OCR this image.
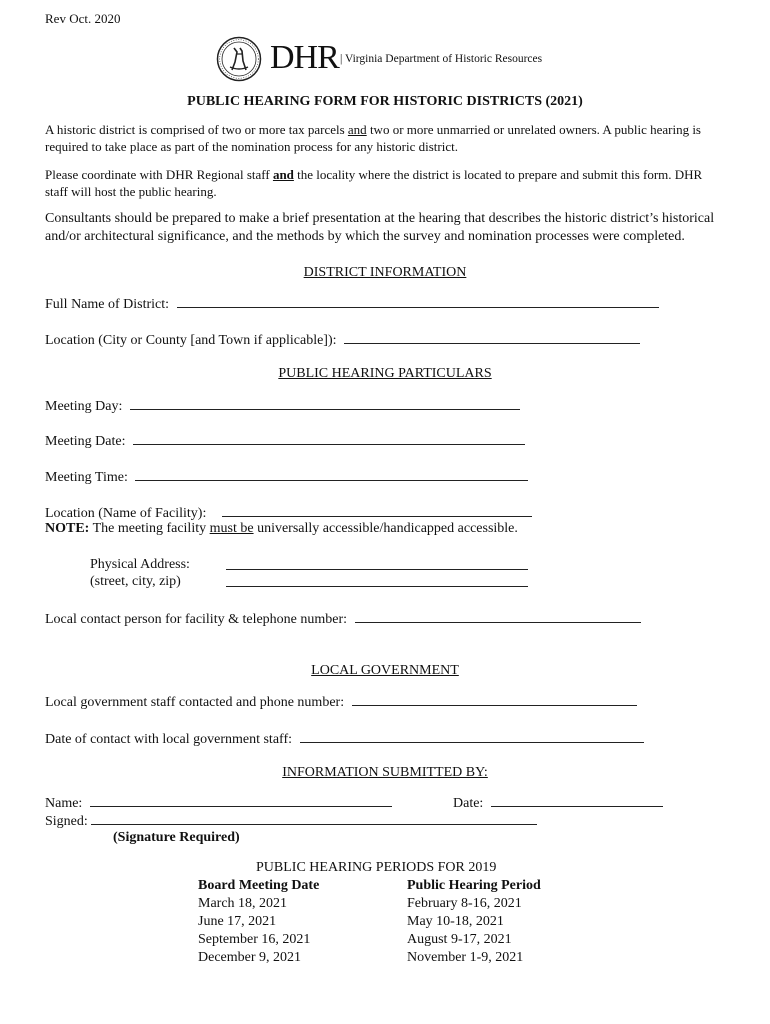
Rev Oct. 2020
DHR | Virginia Department of Historic Resources
PUBLIC HEARING FORM FOR HISTORIC DISTRICTS (2021)
A historic district is comprised of two or more tax parcels and two or more unmarried or unrelated owners. A public hearing is required to take place as part of the nomination process for any historic district.
Please coordinate with DHR Regional staff and the locality where the district is located to prepare and submit this form. DHR staff will host the public hearing.
Consultants should be prepared to make a brief presentation at the hearing that describes the historic district’s historical and/or architectural significance, and the methods by which the survey and nomination processes were completed.
DISTRICT INFORMATION
Full Name of District:
Location (City or County [and Town if applicable]):
PUBLIC HEARING PARTICULARS
Meeting Day:
Meeting Date:
Meeting Time:
Location (Name of Facility):
NOTE: The meeting facility must be universally accessible/handicapped accessible.
Physical Address:
(street, city, zip)
Local contact person for facility & telephone number:
LOCAL GOVERNMENT
Local government staff contacted and phone number:
Date of contact with local government staff:
INFORMATION SUBMITTED BY:
Name:	Date:
Signed:
(Signature Required)
PUBLIC HEARING PERIODS FOR 2019
Board Meeting Date	Public Hearing Period
March 18, 2021	February 8-16, 2021
June 17, 2021	May 10-18, 2021
September 16, 2021	August 9-17, 2021
December 9, 2021	November 1-9, 2021
